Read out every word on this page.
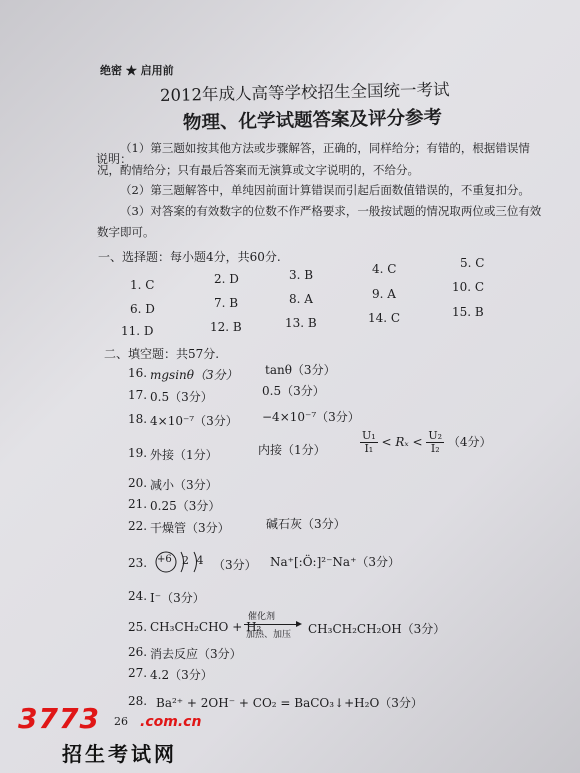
绝密 ★ 启用前
2012年成人高等学校招生全国统一考试
物理、化学试题答案及评分参考
说明：
（1）第三题如按其他方法或步骤解答，正确的，同样给分；有错的，根据错误情
况，酌情给分；只有最后答案而无演算或文字说明的，不给分。
（2）第三题解答中，单纯因前面计算错误而引起后面数值错误的，不重复扣分。
（3）对答案的有效数字的位数不作严格要求，一般按试题的情况取两位或三位有效
数字即可。
一、选择题：每小题4分，共60分.
1. C	2. D	3. B	4. C	5. C
6. D	7. B	8. A	9. A	10. C
11. D	12. B	13. B	14. C	15. B
二、填空题：共57分.
16. mgsinθ（3分） tanθ（3分）
17. 0.5（3分）	0.5（3分）
18. 4×10⁻⁷（3分） −4×10⁻⁷（3分）
19. 外接（1分）	内接（1分）	$\frac{\text{U₁}}{\text{I₁}} < R_x < \frac{\text{U₂}}{\text{I₂}} (4$分）
20. 减小（3分）
21. 0.25（3分）
22. 干燥管（3分）	碱石灰（3分）
23. +6 2 4 （3分） Na⁺[:Ö:]²⁻Na⁺（3分）
24. I⁻（3分）
25. CH₃CH₂CHO + H₂
催化剂
加热、加压 CH₃CH₂CH₂OH（3分）
26. 消去反应（3分）
27. 4.2（3分）
28. Ba²⁺ + 2OH⁻ + CO₂ = BaCO₃↓+H₂O（3分）
26
3773	.com.cn
招生考试网
